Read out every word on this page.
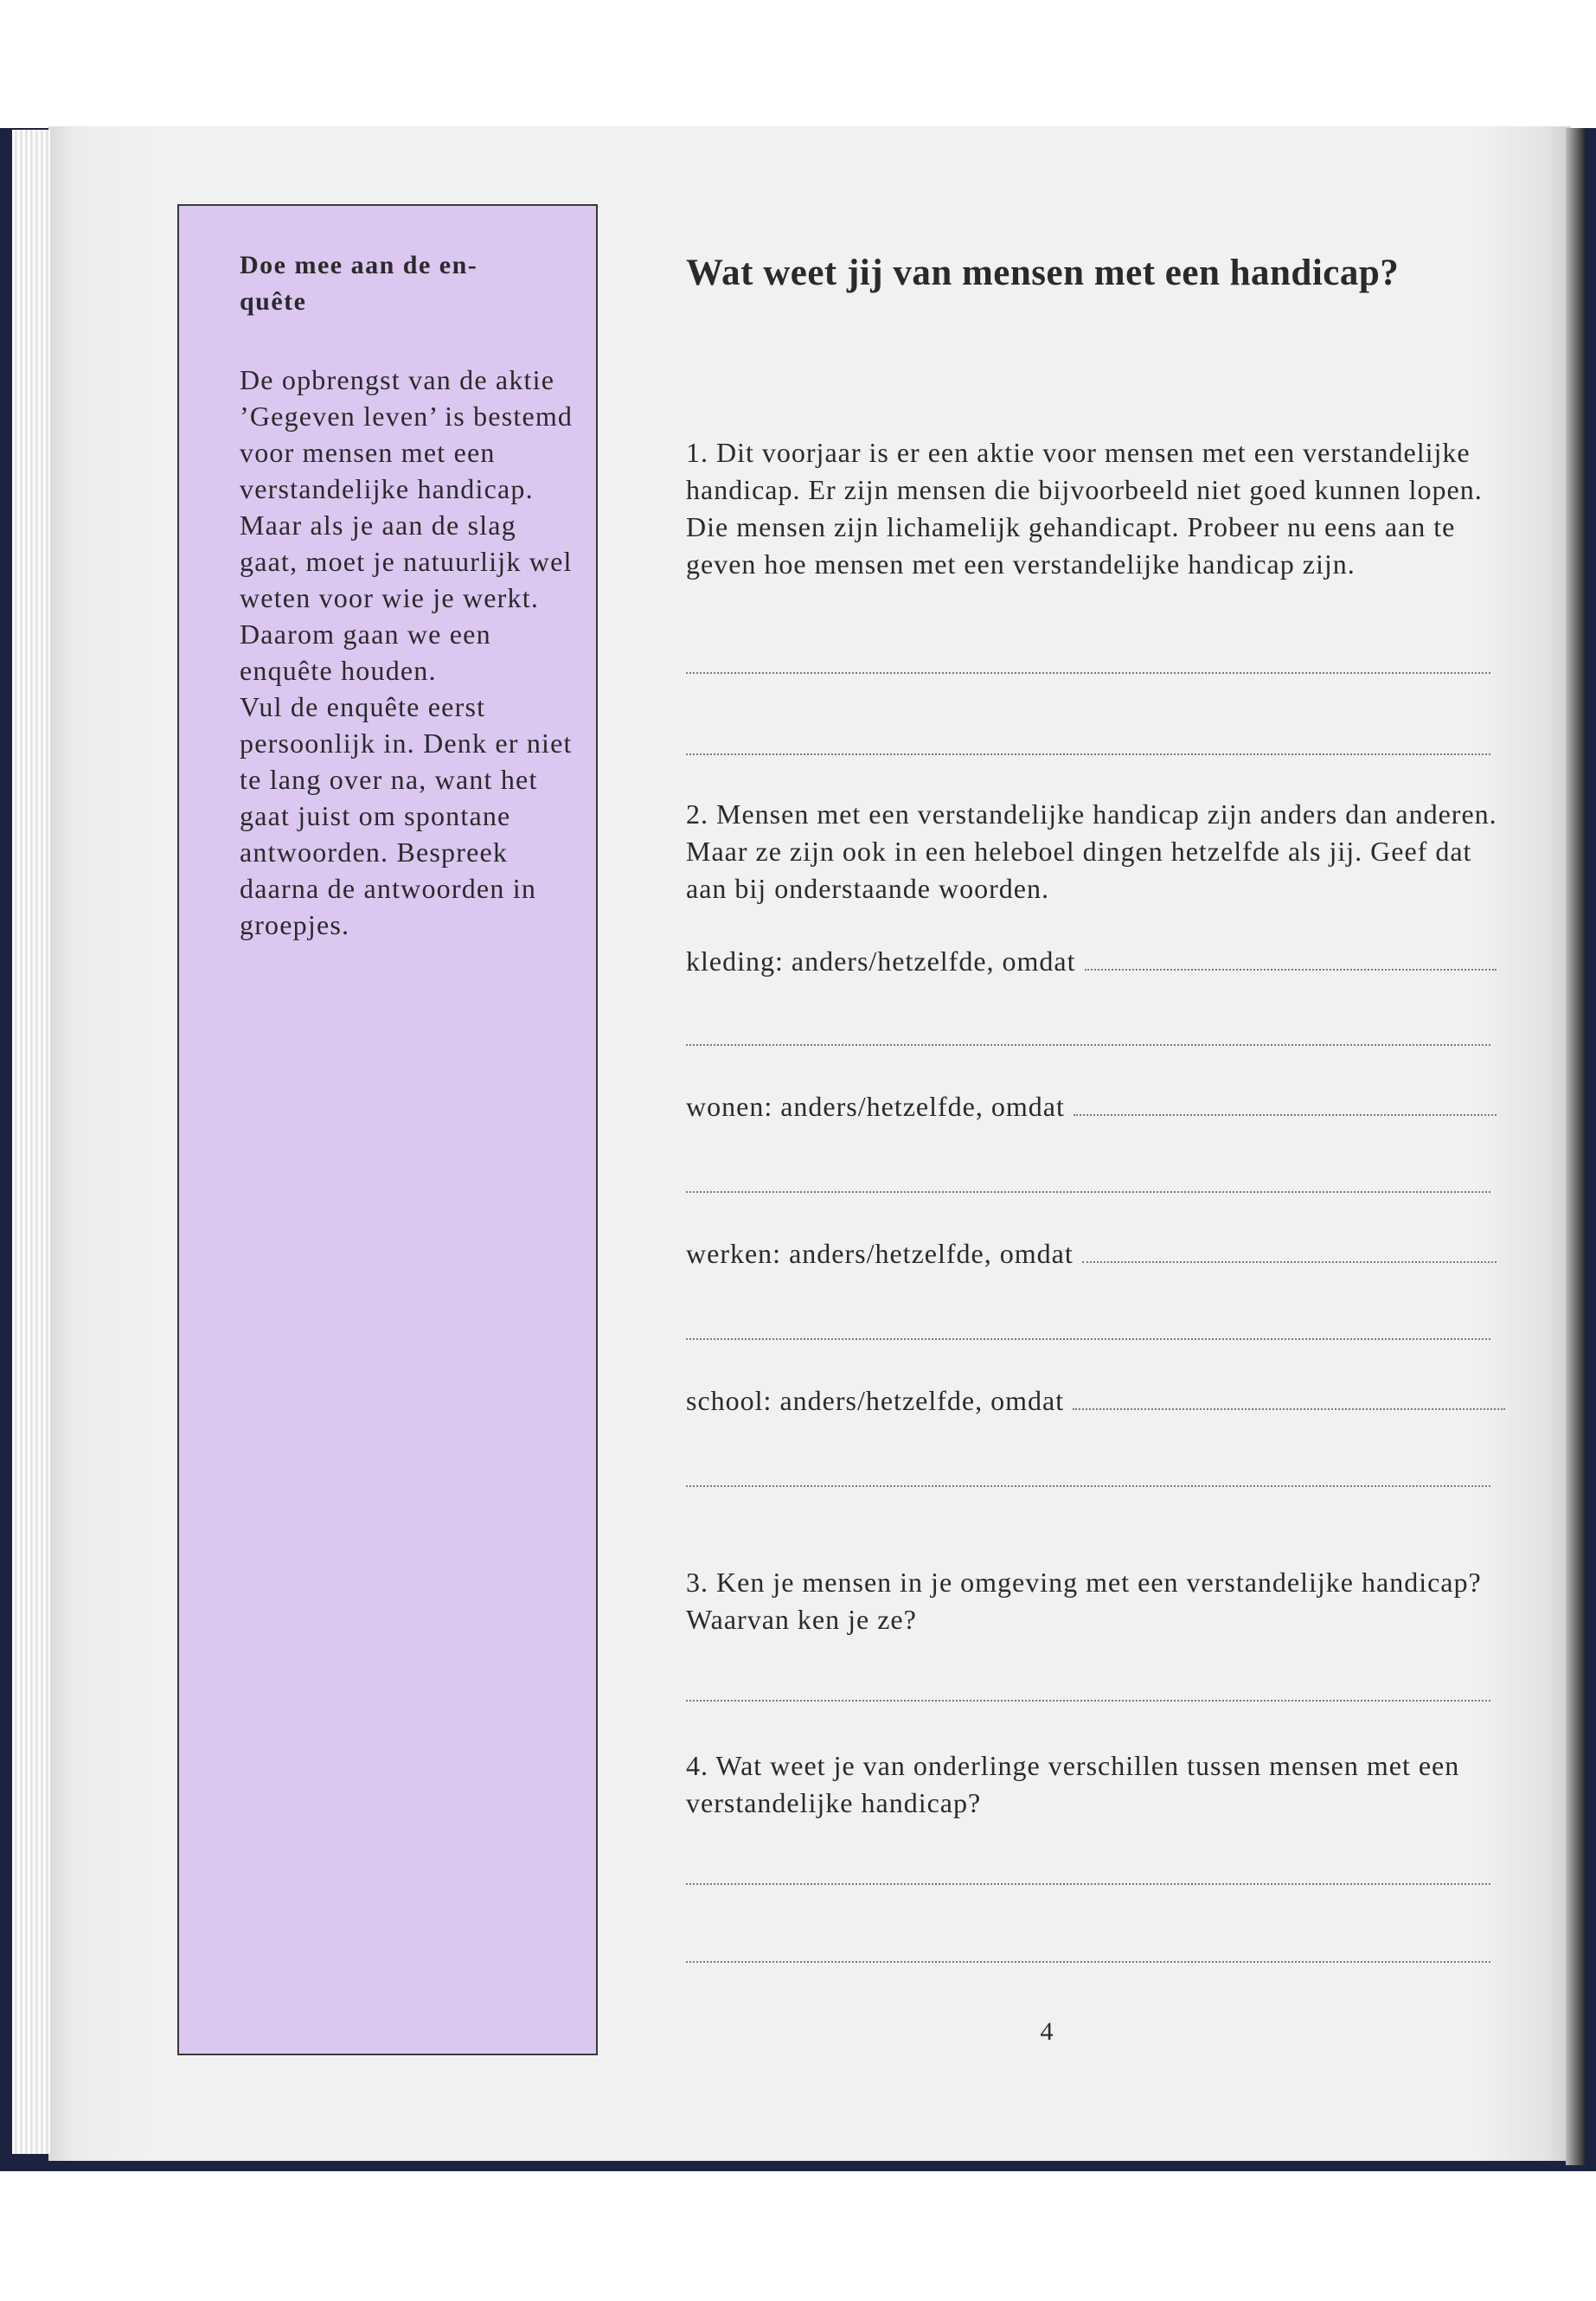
Doe mee aan de en-
quête

De opbrengst van de aktie ’Gegeven leven’ is bestemd voor mensen met een verstandelijke handicap. Maar als je aan de slag gaat, moet je natuurlijk wel weten voor wie je werkt. Daarom gaan we een enquête houden.

Vul de enquête eerst persoonlijk in. Denk er niet te lang over na, want het gaat juist om spontane antwoorden. Bespreek daarna de antwoorden in groepjes.

Wat weet jij van mensen met een handicap?

1. Dit voorjaar is er een aktie voor mensen met een verstandelijke handicap. Er zijn mensen die bijvoorbeeld niet goed kunnen lopen. Die mensen zijn lichamelijk gehandicapt. Probeer nu eens aan te geven hoe mensen met een verstandelijke handicap zijn.

2. Mensen met een verstandelijke handicap zijn anders dan anderen. Maar ze zijn ook in een heleboel dingen hetzelfde als jij. Geef dat aan bij onderstaande woorden.

kleding: anders/hetzelfde, omdat
wonen: anders/hetzelfde, omdat
werken: anders/hetzelfde, omdat
school: anders/hetzelfde, omdat

3. Ken je mensen in je omgeving met een verstandelijke handicap? Waarvan ken je ze?

4. Wat weet je van onderlinge verschillen tussen mensen met een verstandelijke handicap?

4
